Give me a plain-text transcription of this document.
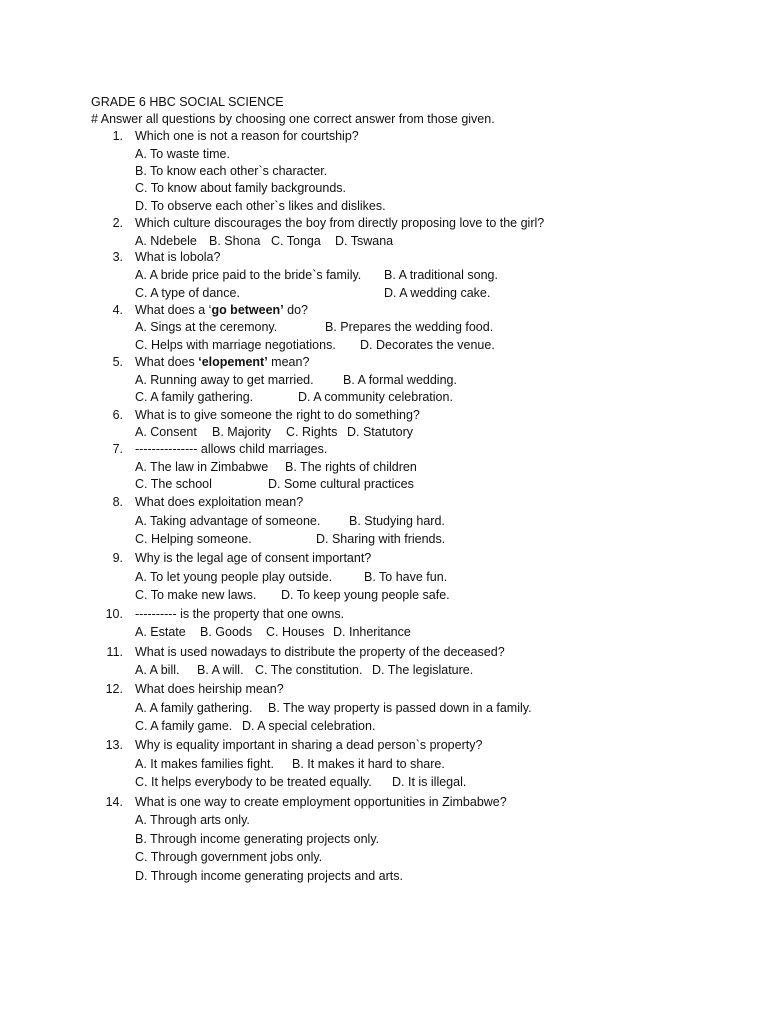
GRADE 6 HBC SOCIAL SCIENCE
# Answer all questions by choosing one correct answer from those given.
1. Which one is not a reason for courtship?
A. To waste time.
B. To know each other`s character.
C. To know about family backgrounds.
D. To observe each other`s likes and dislikes.
2. Which culture discourages the boy from directly proposing love to the girl?
A. Ndebele B. Shona C. Tonga D. Tswana
3. What is lobola?
A. A bride price paid to the bride`s family. B. A traditional song.
C. A type of dance.	D. A wedding cake.
4. What does a ‘go between’ do?
A. Sings at the ceremony.	B. Prepares the wedding food.
C. Helps with marriage negotiations. D. Decorates the venue.
5. What does ‘elopement’ mean?
A. Running away to get married. B. A formal wedding.
C. A family gathering.	D. A community celebration.
6. What is to give someone the right to do something?
A. Consent B. Majority C. Rights D. Statutory
7. --------------- allows child marriages.
A. The law in Zimbabwe B. The rights of children
C. The school	D. Some cultural practices
8. What does exploitation mean?
A. Taking advantage of someone. B. Studying hard.
C. Helping someone.	D. Sharing with friends.
9. Why is the legal age of consent important?
A. To let young people play outside.	B. To have fun.
C. To make new laws. D. To keep young people safe.
10. ---------- is the property that one owns.
A. Estate B. Goods C. Houses D. Inheritance
11. What is used nowadays to distribute the property of the deceased?
A. A bill. B. A will. C. The constitution. D. The legislature.
12. What does heirship mean?
A. A family gathering. B. The way property is passed down in a family.
C. A family game. D. A special celebration.
13. Why is equality important in sharing a dead person`s property?
A. It makes families fight. B. It makes it hard to share.
C. It helps everybody to be treated equally. D. It is illegal.
14. What is one way to create employment opportunities in Zimbabwe?
A. Through arts only.
B. Through income generating projects only.
C. Through government jobs only.
D. Through income generating projects and arts.
